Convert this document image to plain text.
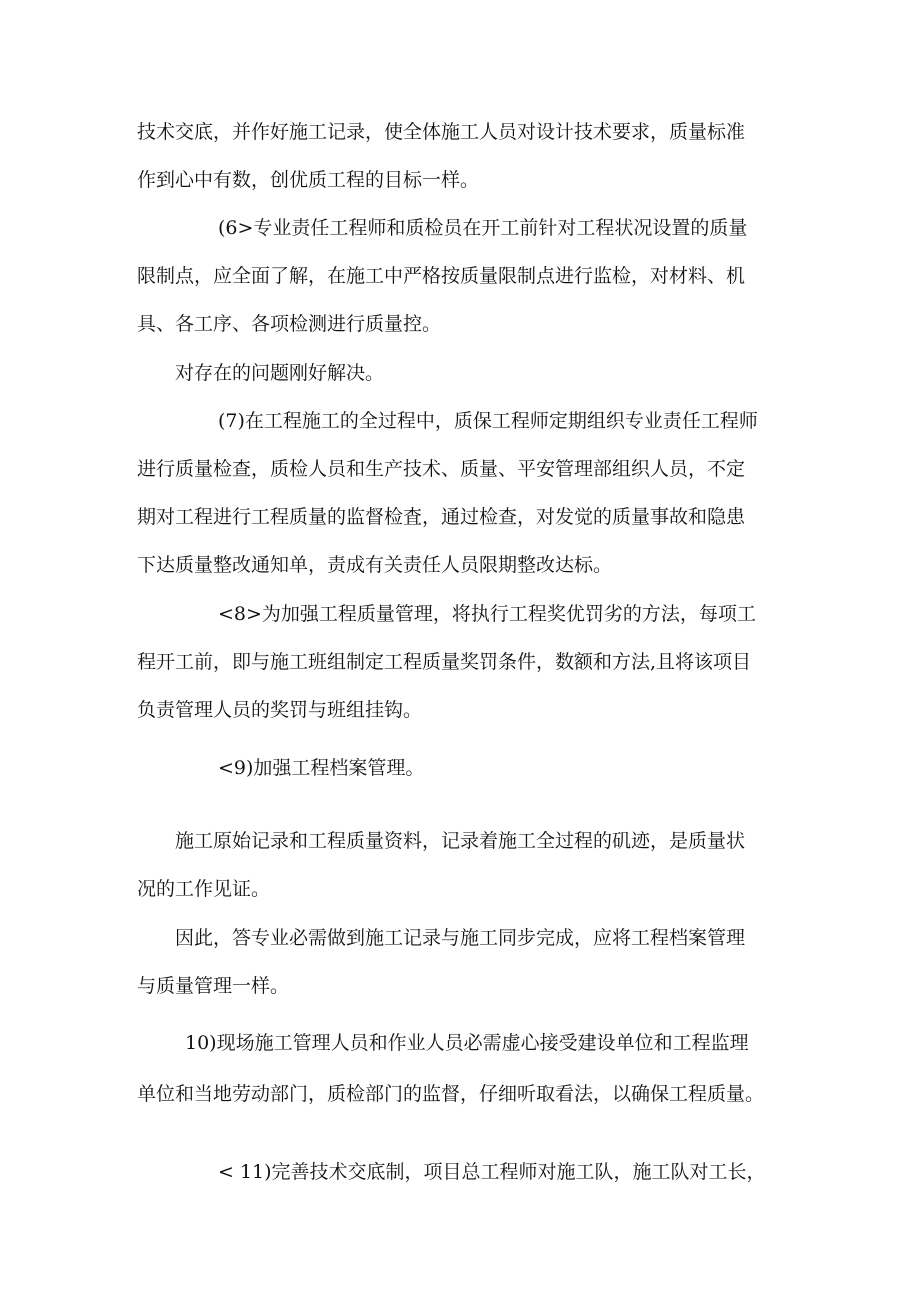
技术交底，并作好施工记录，使全体施工人员对设计技术要求，质量标准
作到心中有数，创优质工程的目标一样。
(6>专业责任工程师和质检员在开工前针对工程状况设置的质量
限制点，应全面了解，在施工中严格按质量限制点进行监检，对材料、机
具、各工序、各项检测进行质量控。
对存在的问题刚好解决。
(7)在工程施工的全过程中，质保工程师定期组织专业责任工程师
进行质量检查，质检人员和生产技术、质量、平安管理部组织人员，不定
期对工程进行工程质量的监督检査，通过检查，对发觉的质量事故和隐患
下达质量整改通知单，责成有关责任人员限期整改达标。
<8>为加强工程质量管理，将执行工程奖优罚劣的方法，每项工
程开工前，即与施工班组制定工程质量奖罚条件，数额和方法,且将该项目
负责管理人员的奖罚与班组挂钩。
<9)加强工程档案管理。
施工原始记录和工程质量资料，记录着施工全过程的矶迹，是质量状
况的工作见证。
因此，答专业必需做到施工记录与施工同步完成，应将工程档案管理
与质量管理一样。
10)现场施工管理人员和作业人员必需虚心接受建设单位和工程监理
单位和当地劳动部门，质检部门的监督，仔细听取看法，以确保工程质量。
< 11)完善技术交底制，项目总工程师对施工队，施工队对工长，
